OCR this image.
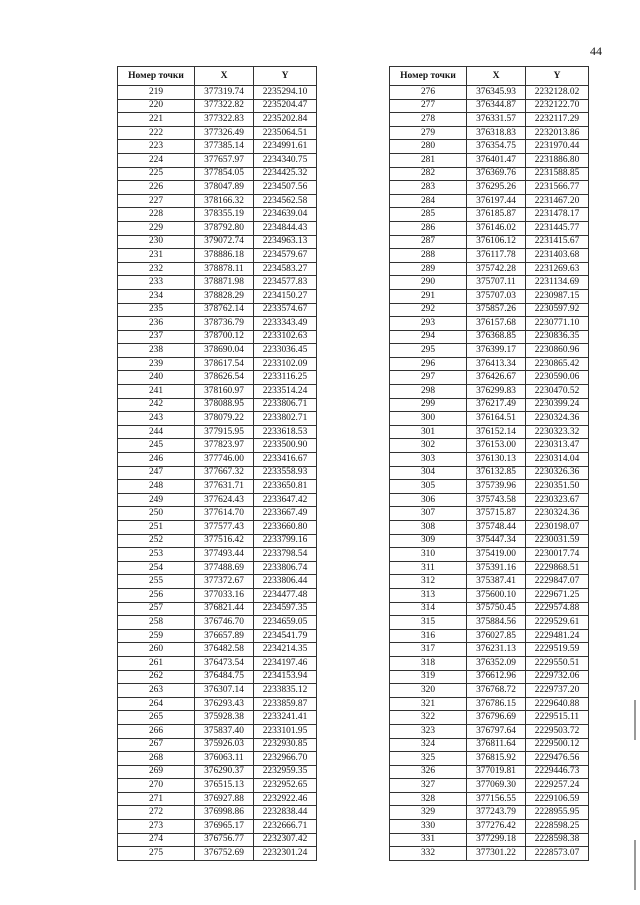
44
Номер точки	X	Y
219	377319.74	2235294.10
220	377322.82	2235204.47
221	377322.83	2235202.84
222	377326.49	2235064.51
223	377385.14	2234991.61
224	377657.97	2234340.75
225	377854.05	2234425.32
226	378047.89	2234507.56
227	378166.32	2234562.58
228	378355.19	2234639.04
229	378792.80	2234844.43
230	379072.74	2234963.13
231	378886.18	2234579.67
232	378878.11	2234583.27
233	378871.98	2234577.83
234	378828.29	2234150.27
235	378762.14	2233574.67
236	378736.79	2233343.49
237	378700.12	2233102.63
238	378690.04	2233036.45
239	378617.54	2233102.09
240	378626.54	2233116.25
241	378160.97	2233514.24
242	378088.95	2233806.71
243	378079.22	2233802.71
244	377915.95	2233618.53
245	377823.97	2233500.90
246	377746.00	2233416.67
247	377667.32	2233558.93
248	377631.71	2233650.81
249	377624.43	2233647.42
250	377614.70	2233667.49
251	377577.43	2233660.80
252	377516.42	2233799.16
253	377493.44	2233798.54
254	377488.69	2233806.74
255	377372.67	2233806.44
256	377033.16	2234477.48
257	376821.44	2234597.35
258	376746.70	2234659.05
259	376657.89	2234541.79
260	376482.58	2234214.35
261	376473.54	2234197.46
262	376484.75	2234153.94
263	376307.14	2233835.12
264	376293.43	2233859.87
265	375928.38	2233241.41
266	375837.40	2233101.95
267	375926.03	2232930.85
268	376063.11	2232966.70
269	376290.37	2232959.35
270	376515.13	2232952.65
271	376927.88	2232922.46
272	376998.86	2232838.44
273	376965.17	2232666.71
274	376756.77	2232307.42
275	376752.69	2232301.24
Номер точки	X	Y
276	376345.93	2232128.02
277	376344.87	2232122.70
278	376331.57	2232117.29
279	376318.83	2232013.86
280	376354.75	2231970.44
281	376401.47	2231886.80
282	376369.76	2231588.85
283	376295.26	2231566.77
284	376197.44	2231467.20
285	376185.87	2231478.17
286	376146.02	2231445.77
287	376106.12	2231415.67
288	376117.78	2231403.68
289	375742.28	2231269.63
290	375707.11	2231134.69
291	375707.03	2230987.15
292	375857.26	2230597.92
293	376157.68	2230771.10
294	376368.85	2230836.35
295	376399.17	2230860.96
296	376413.34	2230865.42
297	376426.67	2230590.06
298	376299.83	2230470.52
299	376217.49	2230399.24
300	376164.51	2230324.36
301	376152.14	2230323.32
302	376153.00	2230313.47
303	376130.13	2230314.04
304	376132.85	2230326.36
305	375739.96	2230351.50
306	375743.58	2230323.67
307	375715.87	2230324.36
308	375748.44	2230198.07
309	375447.34	2230031.59
310	375419.00	2230017.74
311	375391.16	2229868.51
312	375387.41	2229847.07
313	375600.10	2229671.25
314	375750.45	2229574.88
315	375884.56	2229529.61
316	376027.85	2229481.24
317	376231.13	2229519.59
318	376352.09	2229550.51
319	376612.96	2229732.06
320	376768.72	2229737.20
321	376786.15	2229640.88
322	376796.69	2229515.11
323	376797.64	2229503.72
324	376811.64	2229500.12
325	376815.92	2229476.56
326	377019.81	2229446.73
327	377069.30	2229257.24
328	377156.55	2229106.59
329	377243.79	2228955.95
330	377276.42	2228598.25
331	377299.18	2228598.38
332	377301.22	2228573.07
